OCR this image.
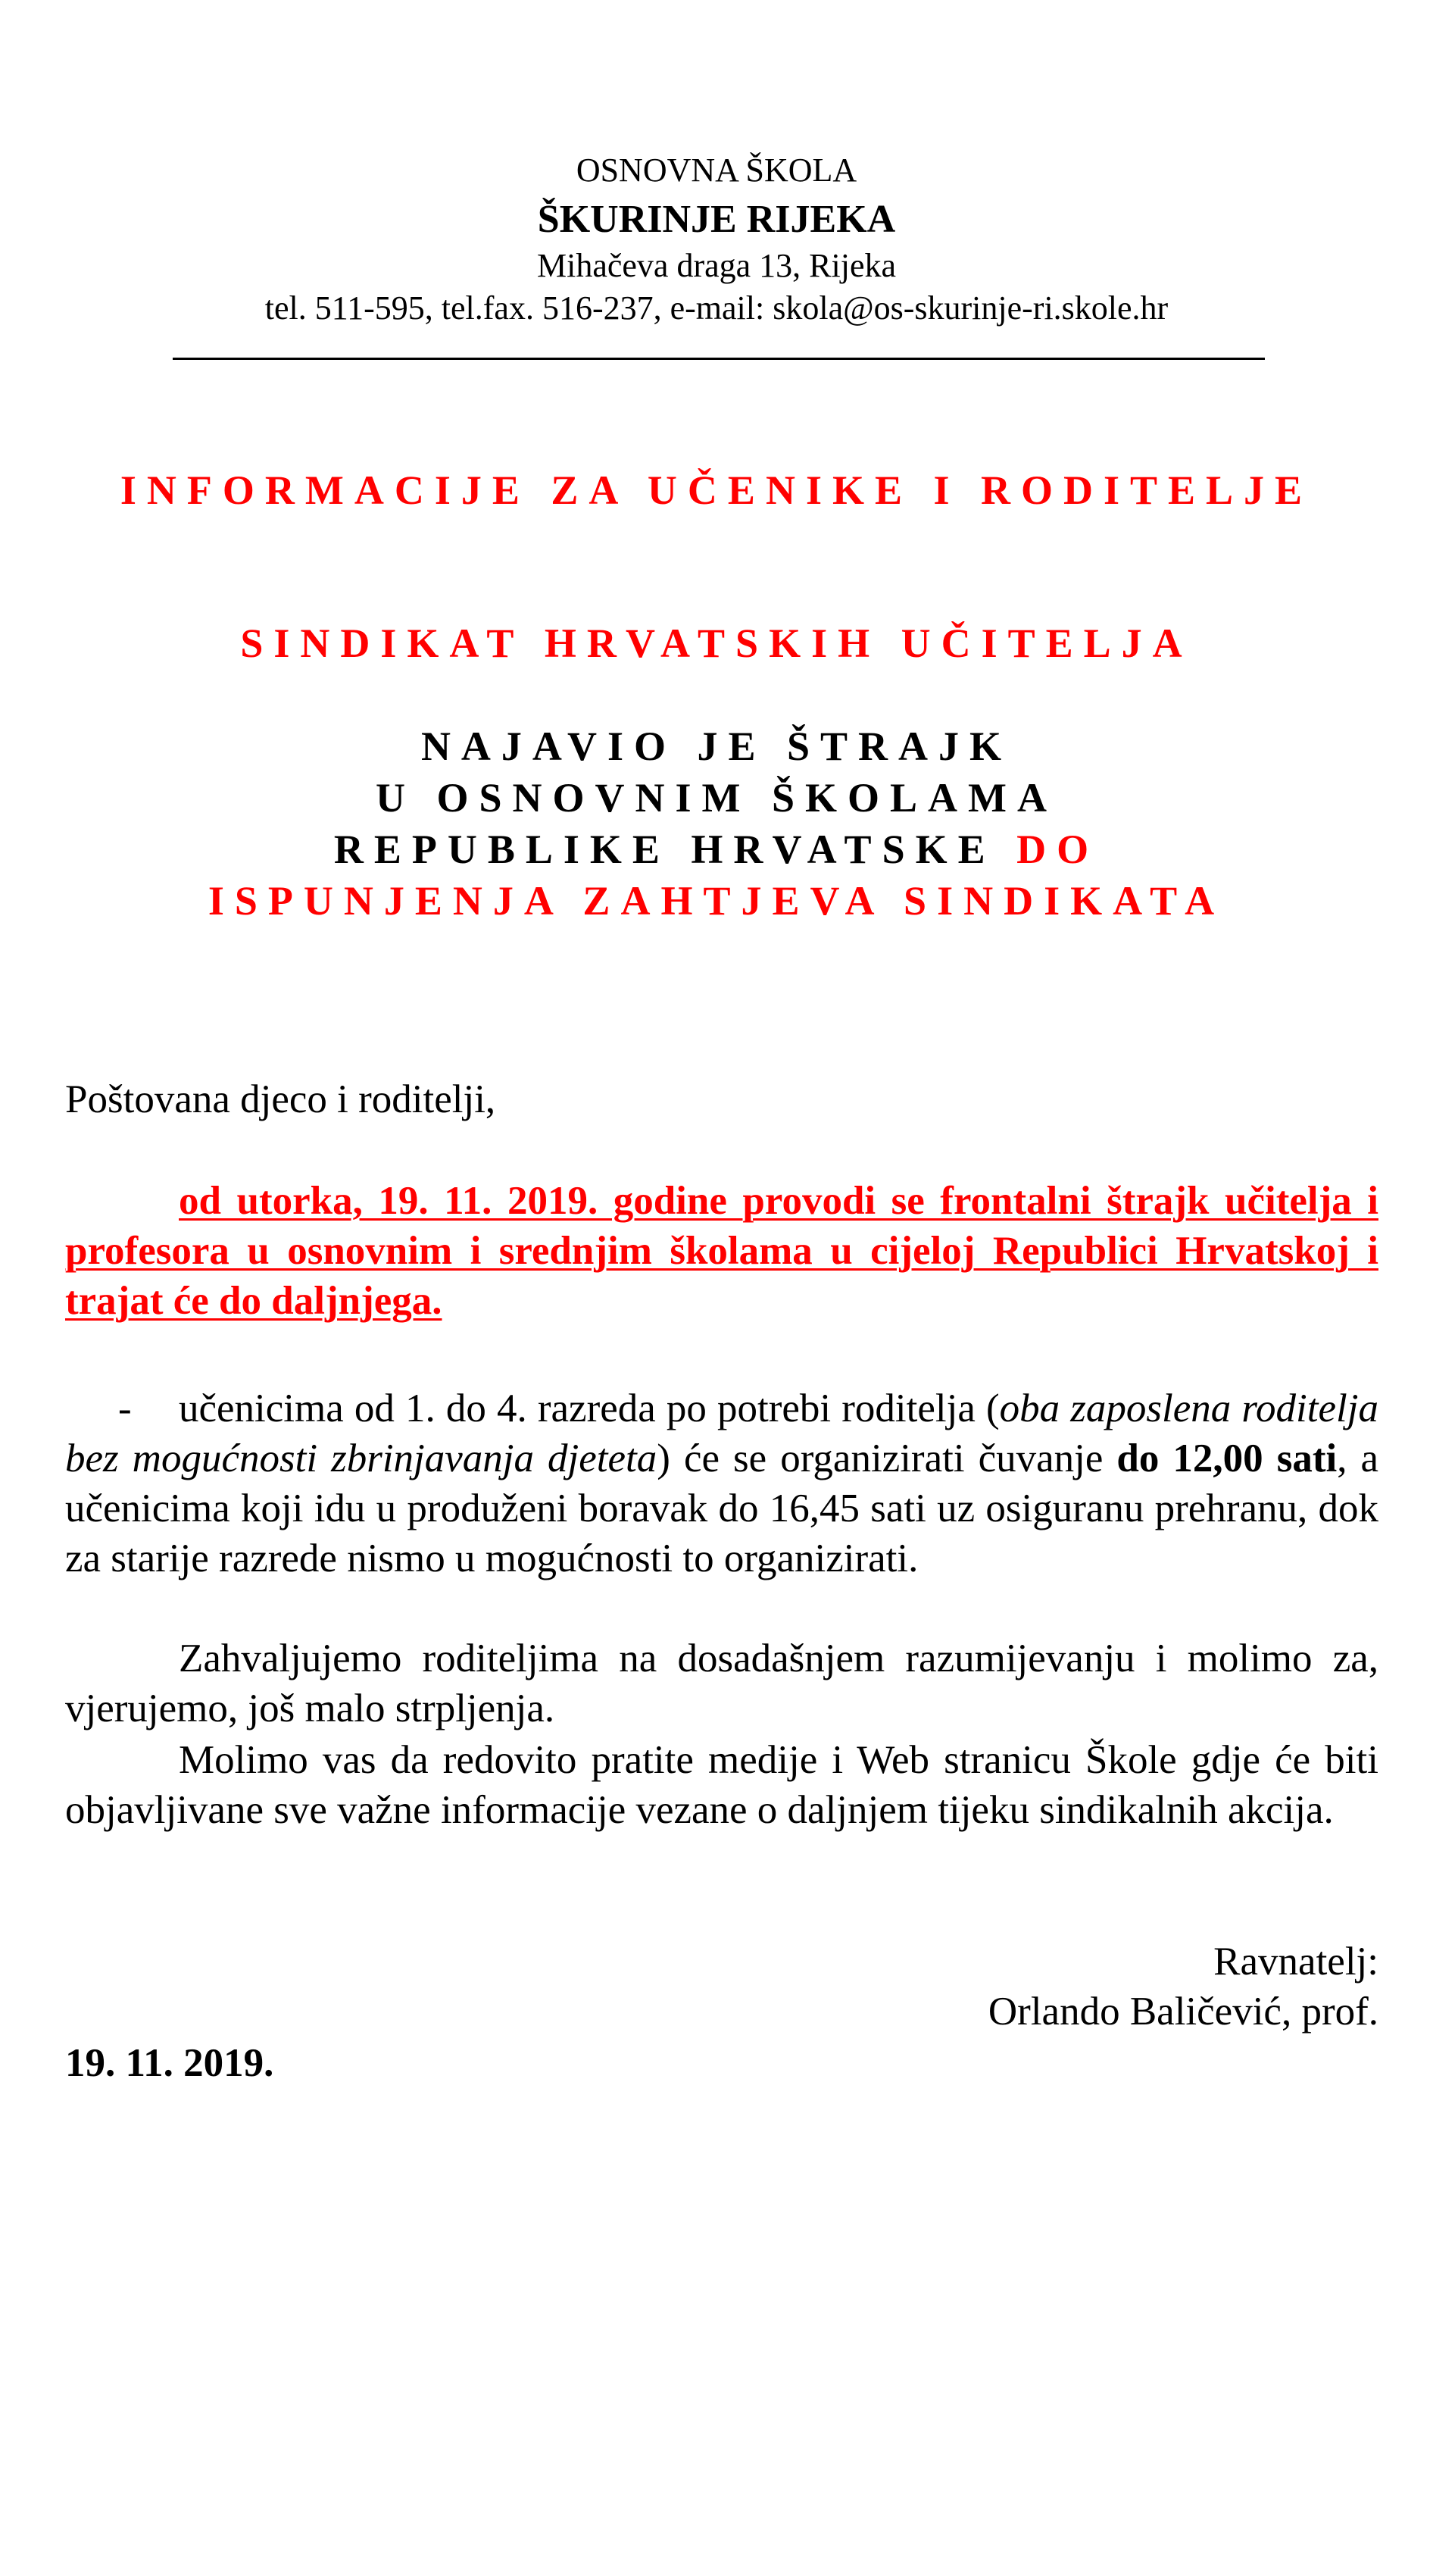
OSNOVNA ŠKOLA
ŠKURINJE RIJEKA
Mihačeva draga 13, Rijeka
tel. 511-595, tel.fax. 516-237, e-mail: skola@os-skurinje-ri.skole.hr
INFORMACIJE ZA UČENIKE I RODITELJE
SINDIKAT HRVATSKIH UČITELJA
NAJAVIO JE ŠTRAJK
U OSNOVNIM ŠKOLAMA
REPUBLIKE HRVATSKE DO
ISPUNJENJA ZAHTJEVA SINDIKATA
Poštovana djeco i roditelji,
od utorka, 19. 11. 2019. godine provodi se frontalni štrajk učitelja i profesora u osnovnim i srednjim školama u cijeloj Republici Hrvatskoj i trajat će do daljnjega.
- učenicima od 1. do 4. razreda po potrebi roditelja (oba zaposlena roditelja bez mogućnosti zbrinjavanja djeteta) će se organizirati čuvanje do 12,00 sati, a učenicima koji idu u produženi boravak do 16,45 sati uz osiguranu prehranu, dok za starije razrede nismo u mogućnosti to organizirati.
Zahvaljujemo roditeljima na dosadašnjem razumijevanju i molimo za, vjerujemo, još malo strpljenja.
Molimo vas da redovito pratite medije i Web stranicu Škole gdje će biti objavljivane sve važne informacije vezane o daljnjem tijeku sindikalnih akcija.
Ravnatelj:
Orlando Baličević, prof.
19. 11. 2019.
